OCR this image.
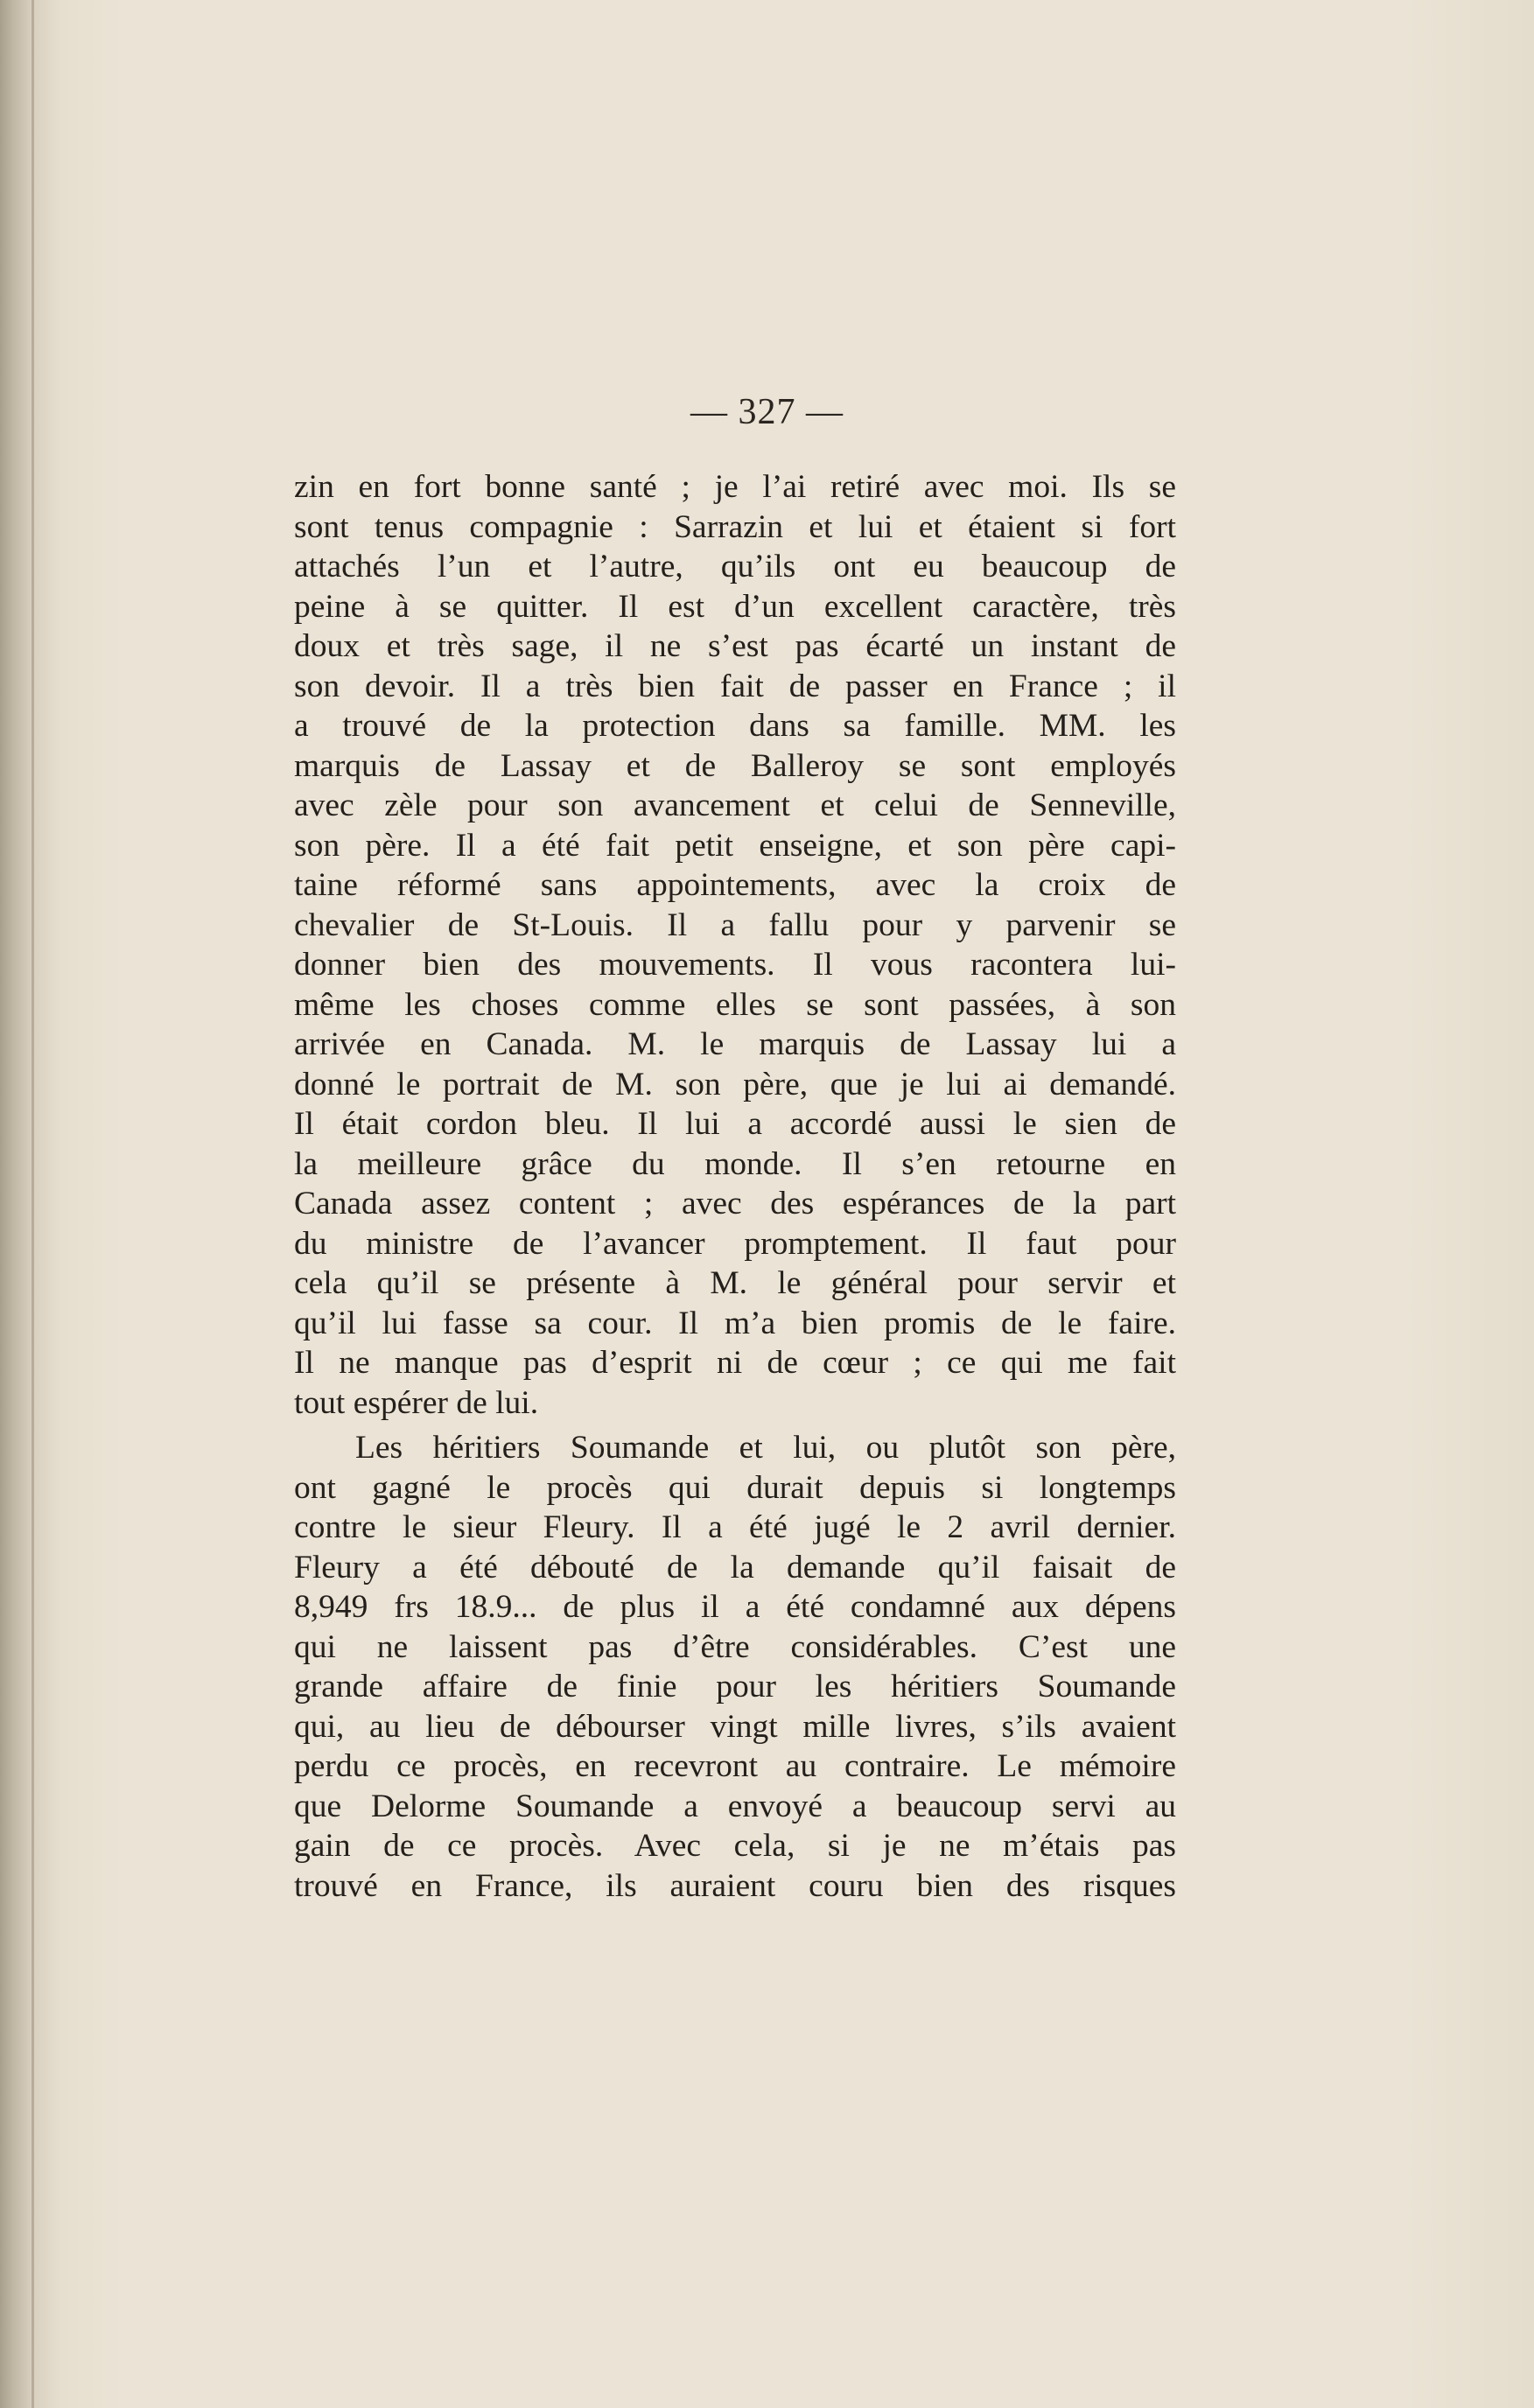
— 327 —
zin en fort bonne santé ; je l’ai retiré avec moi. Ils se
sont tenus compagnie : Sarrazin et lui et étaient si fort
attachés l’un et l’autre, qu’ils ont eu beaucoup de
peine à se quitter. Il est d’un excellent caractère, très
doux et très sage, il ne s’est pas écarté un instant de
son devoir. Il a très bien fait de passer en France ; il
a trouvé de la protection dans sa famille. MM. les
marquis de Lassay et de Balleroy se sont employés
avec zèle pour son avancement et celui de Senneville,
son père. Il a été fait petit enseigne, et son père capi-
taine réformé sans appointements, avec la croix de
chevalier de St-Louis. Il a fallu pour y parvenir se
donner bien des mouvements. Il vous racontera lui-
même les choses comme elles se sont passées, à son
arrivée en Canada. M. le marquis de Lassay lui a
donné le portrait de M. son père, que je lui ai demandé.
Il était cordon bleu. Il lui a accordé aussi le sien de
la meilleure grâce du monde. Il s’en retourne en
Canada assez content ; avec des espérances de la part
du ministre de l’avancer promptement. Il faut pour
cela qu’il se présente à M. le général pour servir et
qu’il lui fasse sa cour. Il m’a bien promis de le faire.
Il ne manque pas d’esprit ni de cœur ; ce qui me fait
tout espérer de lui.
Les héritiers Soumande et lui, ou plutôt son père,
ont gagné le procès qui durait depuis si longtemps
contre le sieur Fleury. Il a été jugé le 2 avril dernier.
Fleury a été débouté de la demande qu’il faisait de
8,949 frs 18.9... de plus il a été condamné aux dépens
qui ne laissent pas d’être considérables. C’est une
grande affaire de finie pour les héritiers Soumande
qui, au lieu de débourser vingt mille livres, s’ils avaient
perdu ce procès, en recevront au contraire. Le mémoire
que Delorme Soumande a envoyé a beaucoup servi au
gain de ce procès. Avec cela, si je ne m’étais pas
trouvé en France, ils auraient couru bien des risques
